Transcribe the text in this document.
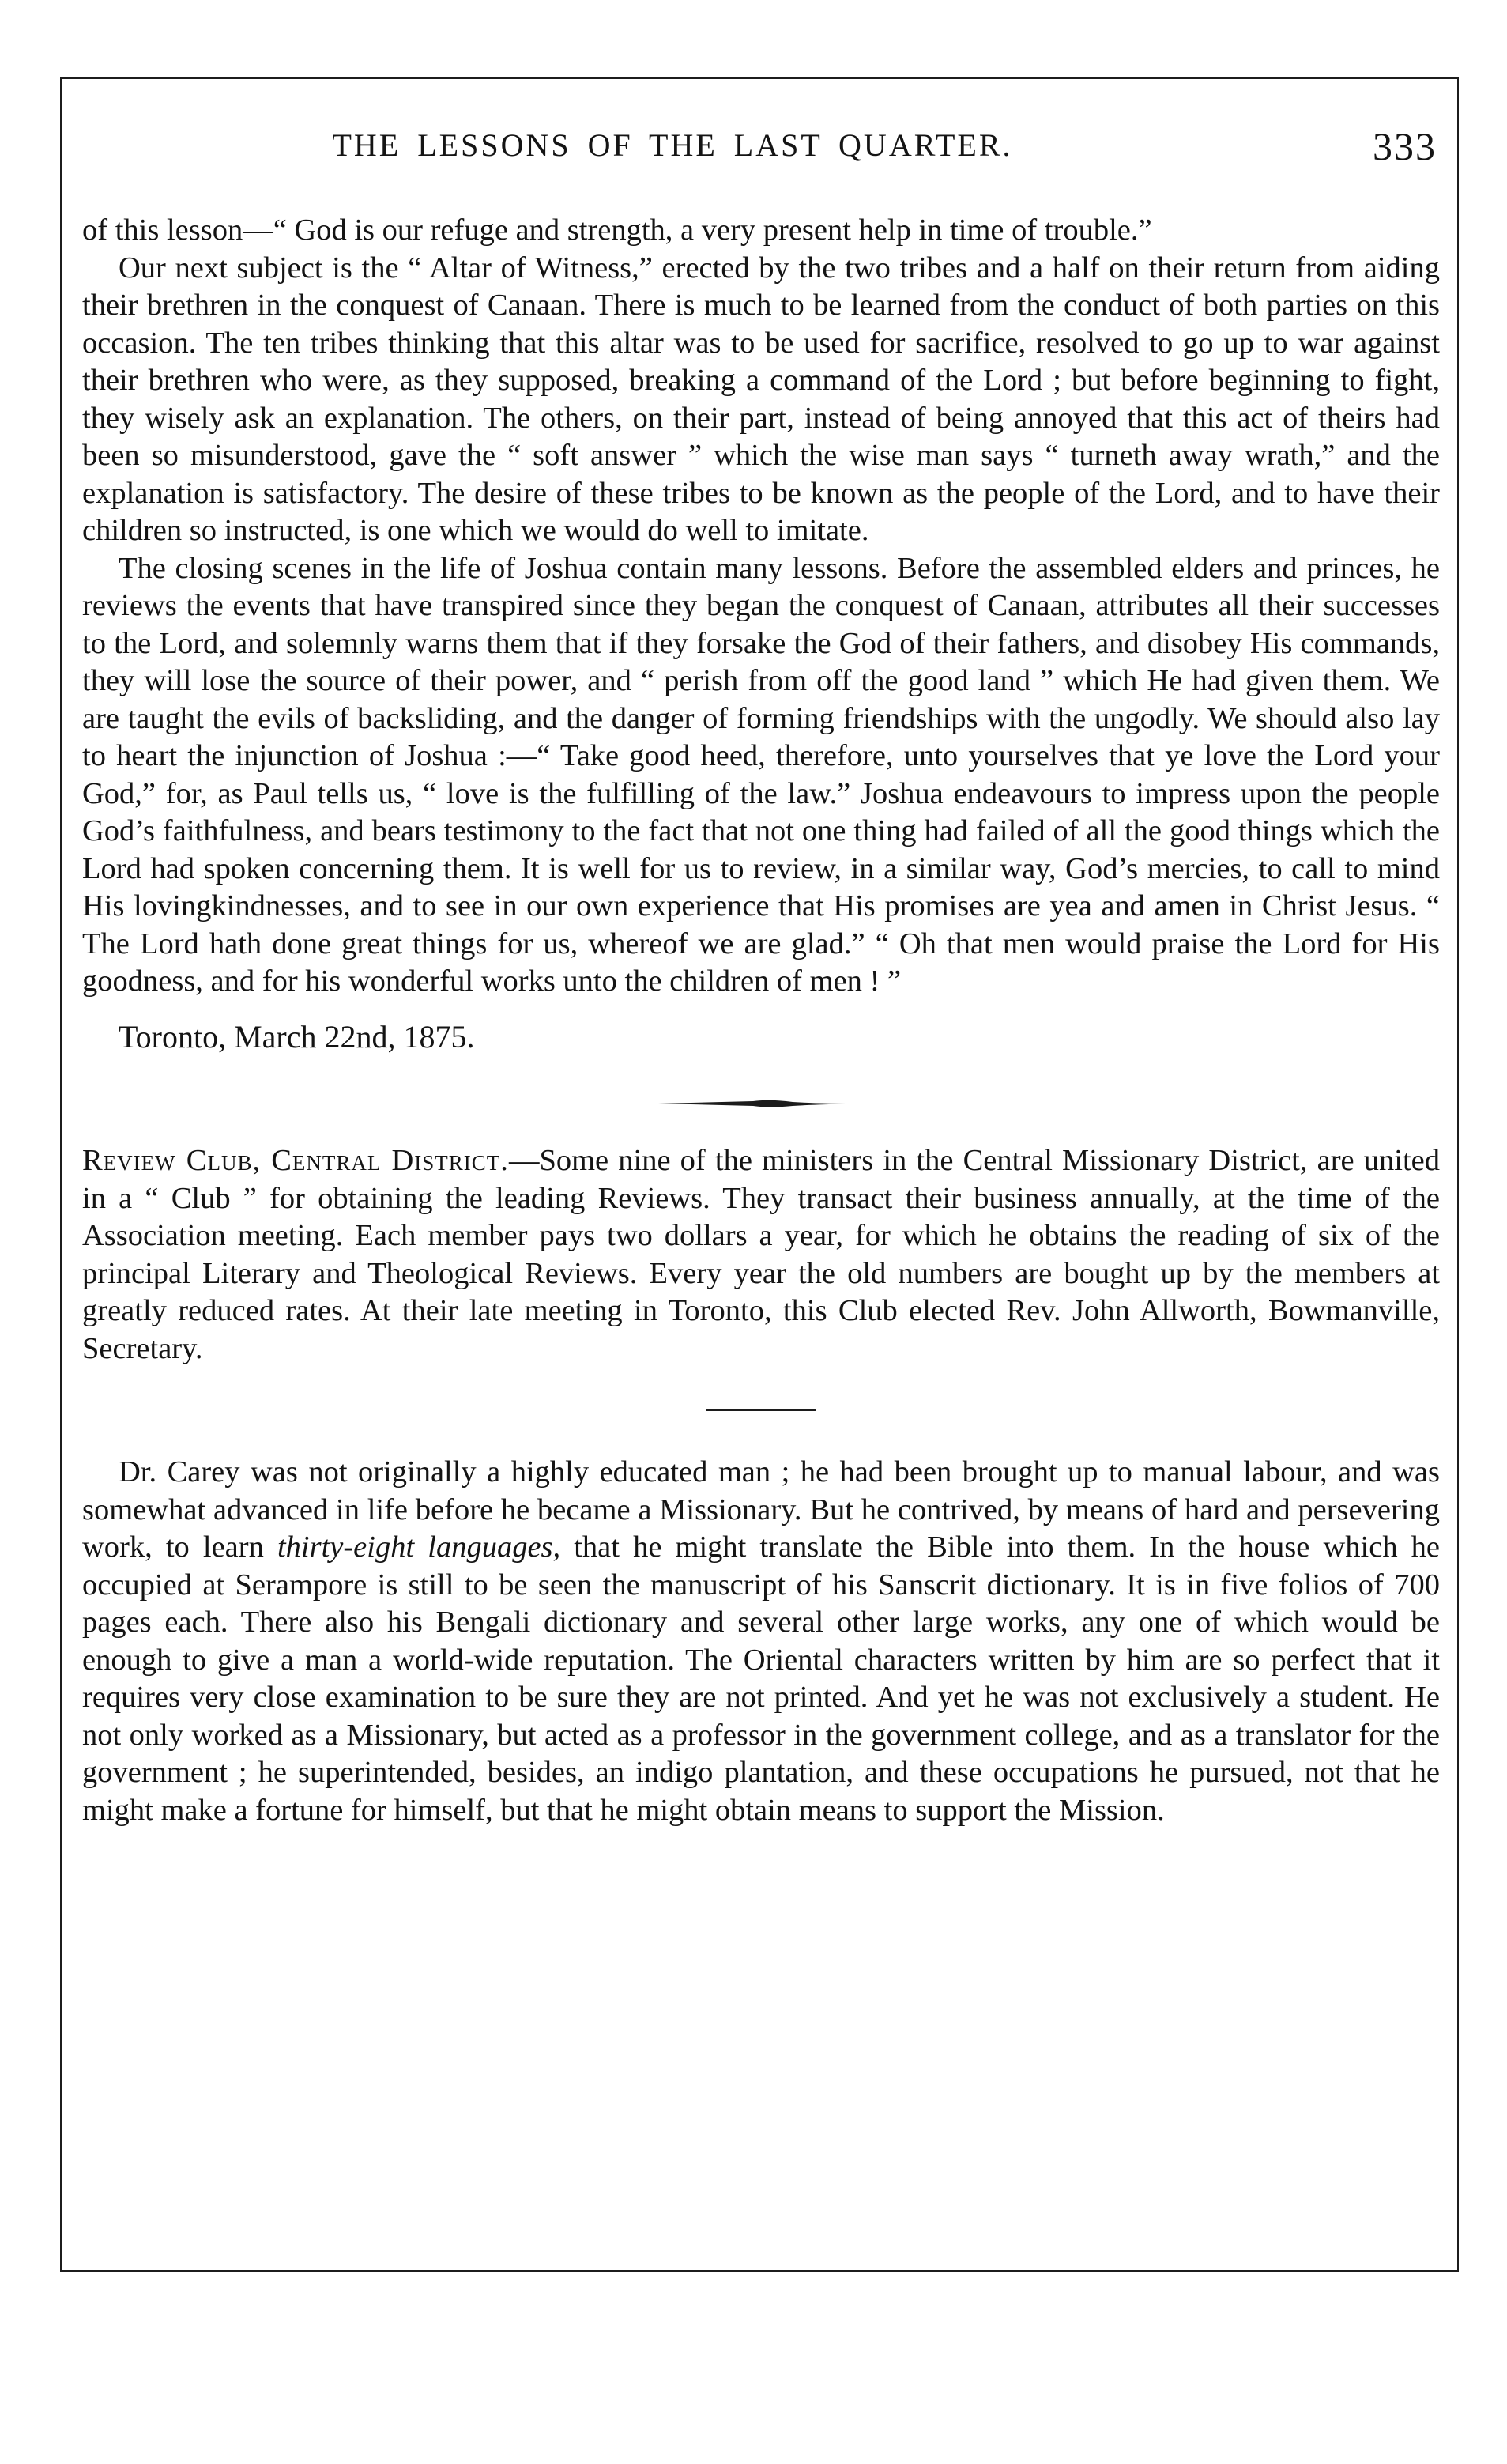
THE LESSONS OF THE LAST QUARTER.	333

of this lesson—“ God is our refuge and strength, a very present help in time of trouble.”

Our next subject is the “ Altar of Witness,” erected by the two tribes and a half on their return from aiding their brethren in the conquest of Canaan. There is much to be learned from the conduct of both parties on this occasion. The ten tribes thinking that this altar was to be used for sacrifice, resolved to go up to war against their brethren who were, as they supposed, breaking a command of the Lord ; but before beginning to fight, they wisely ask an explanation. The others, on their part, instead of being annoyed that this act of theirs had been so misunderstood, gave the “ soft answer ” which the wise man says “ turneth away wrath,” and the explanation is satisfactory. The desire of these tribes to be known as the people of the Lord, and to have their children so instructed, is one which we would do well to imitate.

The closing scenes in the life of Joshua contain many lessons. Before the assembled elders and princes, he reviews the events that have transpired since they began the conquest of Canaan, attributes all their successes to the Lord, and solemnly warns them that if they forsake the God of their fathers, and disobey His commands, they will lose the source of their power, and “ perish from off the good land ” which He had given them. We are taught the evils of backsliding, and the danger of forming friendships with the ungodly. We should also lay to heart the injunction of Joshua :—“ Take good heed, therefore, unto yourselves that ye love the Lord your God,” for, as Paul tells us, “ love is the fulfilling of the law.” Joshua endeavours to impress upon the people God’s faithfulness, and bears testimony to the fact that not one thing had failed of all the good things which the Lord had spoken concerning them. It is well for us to review, in a similar way, God’s mercies, to call to mind His lovingkindnesses, and to see in our own experience that His promises are yea and amen in Christ Jesus. “ The Lord hath done great things for us, whereof we are glad.” “ Oh that men would praise the Lord for His goodness, and for his wonderful works unto the children of men ! ”

Toronto, March 22nd, 1875.

Review Club, Central District.—Some nine of the ministers in the Central Missionary District, are united in a “ Club ” for obtaining the leading Reviews. They transact their business annually, at the time of the Association meeting. Each member pays two dollars a year, for which he obtains the reading of six of the principal Literary and Theological Reviews. Every year the old numbers are bought up by the members at greatly reduced rates. At their late meeting in Toronto, this Club elected Rev. John Allworth, Bowmanville, Secretary.

Dr. Carey was not originally a highly educated man ; he had been brought up to manual labour, and was somewhat advanced in life before he became a Missionary. But he contrived, by means of hard and persevering work, to learn thirty-eight languages, that he might translate the Bible into them. In the house which he occupied at Serampore is still to be seen the manuscript of his Sanscrit dictionary. It is in five folios of 700 pages each. There also his Bengali dictionary and several other large works, any one of which would be enough to give a man a world-wide reputation. The Oriental characters written by him are so perfect that it requires very close examination to be sure they are not printed. And yet he was not exclusively a student. He not only worked as a Missionary, but acted as a professor in the government college, and as a translator for the government ; he superintended, besides, an indigo plantation, and these occupations he pursued, not that he might make a fortune for himself, but that he might obtain means to support the Mission.
